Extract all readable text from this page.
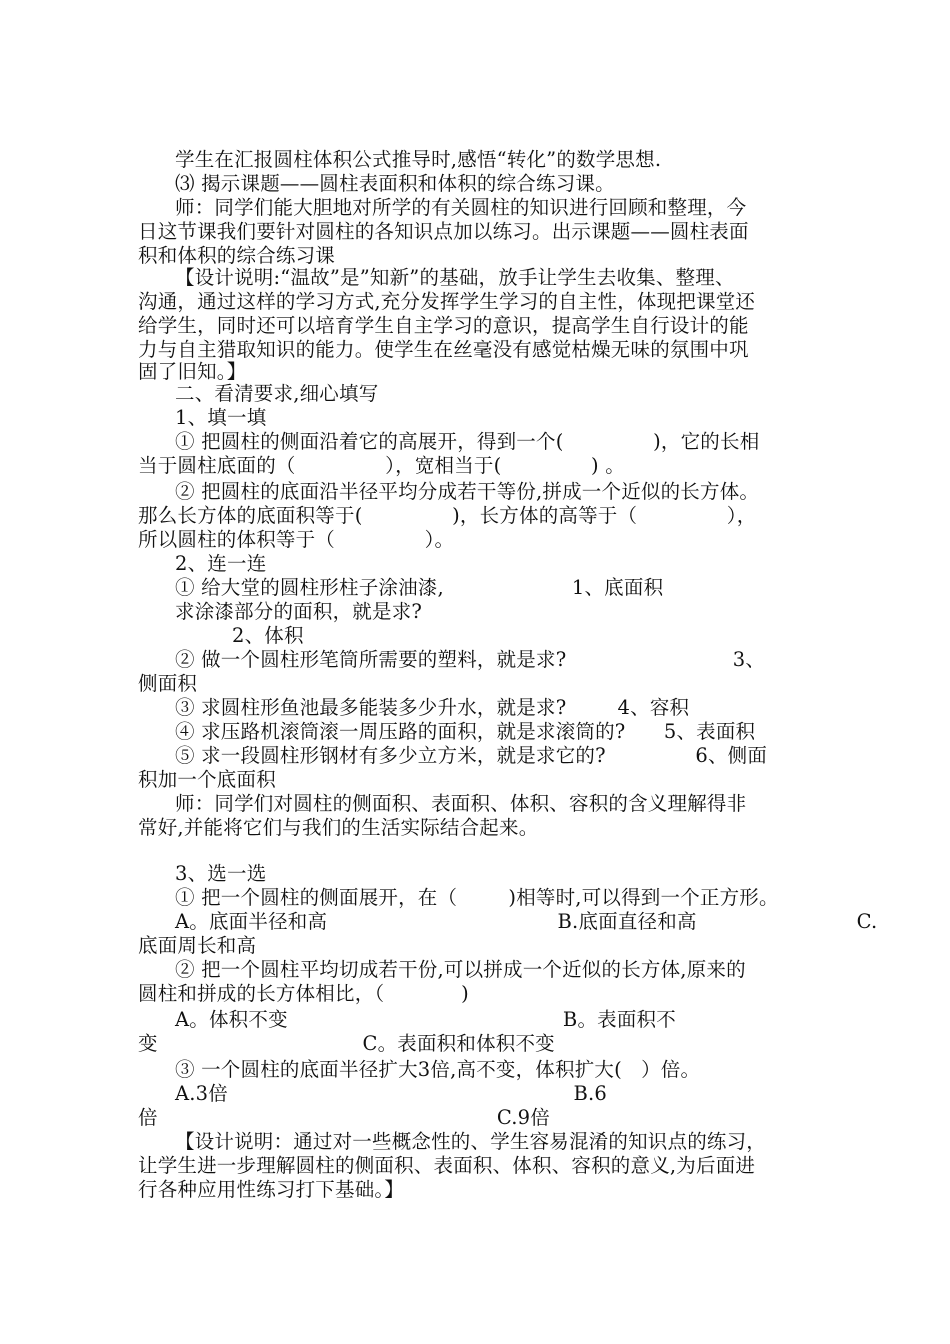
学生在汇报圆柱体积公式推导时,感悟“转化”的数学思想.
⑶ 揭示课题——圆柱表面积和体积的综合练习课。
师：同学们能大胆地对所学的有关圆柱的知识进行回顾和整理，今
日这节课我们要针对圆柱的各知识点加以练习。出示课题——圆柱表面
积和体积的综合练习课
【设计说明:“温故”是”知新”的基础，放手让学生去收集、整理、
沟通，通过这样的学习方式,充分发挥学生学习的自主性，体现把课堂还
给学生，同时还可以培育学生自主学习的意识，提高学生自行设计的能
力与自主猎取知识的能力。使学生在丝毫没有感觉枯燥无味的氛围中巩
固了旧知。】
二、看清要求,细心填写
1、填一填
① 把圆柱的侧面沿着它的高展开，得到一个(              )，它的长相
当于圆柱底面的（              ），宽相当于(              ) 。
② 把圆柱的底面沿半径平均分成若干等份,拼成一个近似的长方体。
那么长方体的底面积等于(              )，长方体的高等于（              ），
所以圆柱的体积等于（              ）。
2、连一连
① 给大堂的圆柱形柱子涂油漆,                    1、底面积
求涂漆部分的面积，就是求?
2、体积
② 做一个圆柱形笔筒所需要的塑料，就是求?                          3、
侧面积
③ 求圆柱形鱼池最多能装多少升水，就是求?        4、容积
④ 求压路机滚筒滚一周压路的面积，就是求滚筒的?      5、表面积
⑤ 求一段圆柱形钢材有多少立方米，就是求它的?              6、侧面
积加一个底面积
师：同学们对圆柱的侧面积、表面积、体积、容积的含义理解得非
常好,并能将它们与我们的生活实际结合起来。
3、选一选
① 把一个圆柱的侧面展开，在（        )相等时,可以得到一个正方形。
A。底面半径和高                                    B.底面直径和高                         C.
底面周长和高
② 把一个圆柱平均切成若干份,可以拼成一个近似的长方体,原来的
圆柱和拼成的长方体相比，（            )
A。体积不变                                           B。表面积不
变                                C。表面积和体积不变
③ 一个圆柱的底面半径扩大3倍,高不变，体积扩大(   ）倍。
A.3倍                                                      B.6
倍                                                     C.9倍
【设计说明：通过对一些概念性的、学生容易混淆的知识点的练习，
让学生进一步理解圆柱的侧面积、表面积、体积、容积的意义,为后面进
行各种应用性练习打下基础。】
